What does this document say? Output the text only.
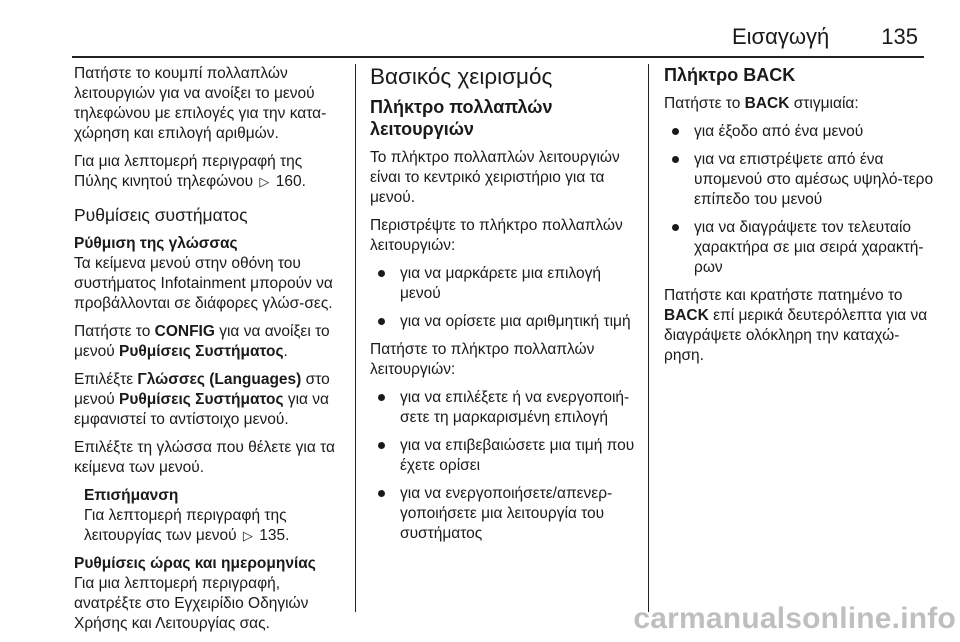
Εισαγωγή 135

Πατήστε το κουμπί πολλαπλών λειτουργιών για να ανοίξει το μενού τηλεφώνου με επιλογές για την κατα‐χώρηση και επιλογή αριθμών.

Για μια λεπτομερή περιγραφή της Πύλης κινητού τηλεφώνου ▷ 160.

Ρυθμίσεις συστήματος
Ρύθμιση της γλώσσας

Τα κείμενα μενού στην οθόνη του συστήματος Infotainment μπορούν να προβάλλονται σε διάφορες γλώσ‐σες.

Πατήστε το CONFIG για να ανοίξει το μενού Ρυθμίσεις Συστήματος.

Επιλέξτε Γλώσσες (Languages) στο μενού Ρυθμίσεις Συστήματος για να εμφανιστεί το αντίστοιχο μενού.

Επιλέξτε τη γλώσσα που θέλετε για τα κείμενα των μενού.

Επισήμανση
Για λεπτομερή περιγραφή της λειτουργίας των μενού ▷ 135.
Ρυθμίσεις ώρας και ημερομηνίας

Για μια λεπτομερή περιγραφή, ανατρέξτε στο Εγχειρίδιο Οδηγιών Χρήσης και Λειτουργίας σας.

Βασικός χειρισμός
Πλήκτρο πολλαπλών λειτουργιών

Το πλήκτρο πολλαπλών λειτουργιών είναι το κεντρικό χειριστήριο για τα μενού.

Περιστρέψτε το πλήκτρο πολλαπλών λειτουργιών:

για να μαρκάρετε μια επιλογή μενού
για να ορίσετε μια αριθμητική τιμή

Πατήστε το πλήκτρο πολλαπλών λειτουργιών:

για να επιλέξετε ή να ενεργοποιή‐σετε τη μαρκαρισμένη επιλογή
για να επιβεβαιώσετε μια τιμή που έχετε ορίσει
για να ενεργοποιήσετε/απενερ‐γοποιήσετε μια λειτουργία του συστήματος
Πλήκτρο BACK

Πατήστε το BACK στιγμιαία:

για έξοδο από ένα μενού
για να επιστρέψετε από ένα υπομενού στο αμέσως υψηλό‐τερο επίπεδο του μενού
για να διαγράψετε τον τελευταίο χαρακτήρα σε μια σειρά χαρακτή‐ρων

Πατήστε και κρατήστε πατημένο το BACK επί μερικά δευτερόλεπτα για να διαγράψετε ολόκληρη την καταχώ‐ρηση.

carmanualsonline.info
